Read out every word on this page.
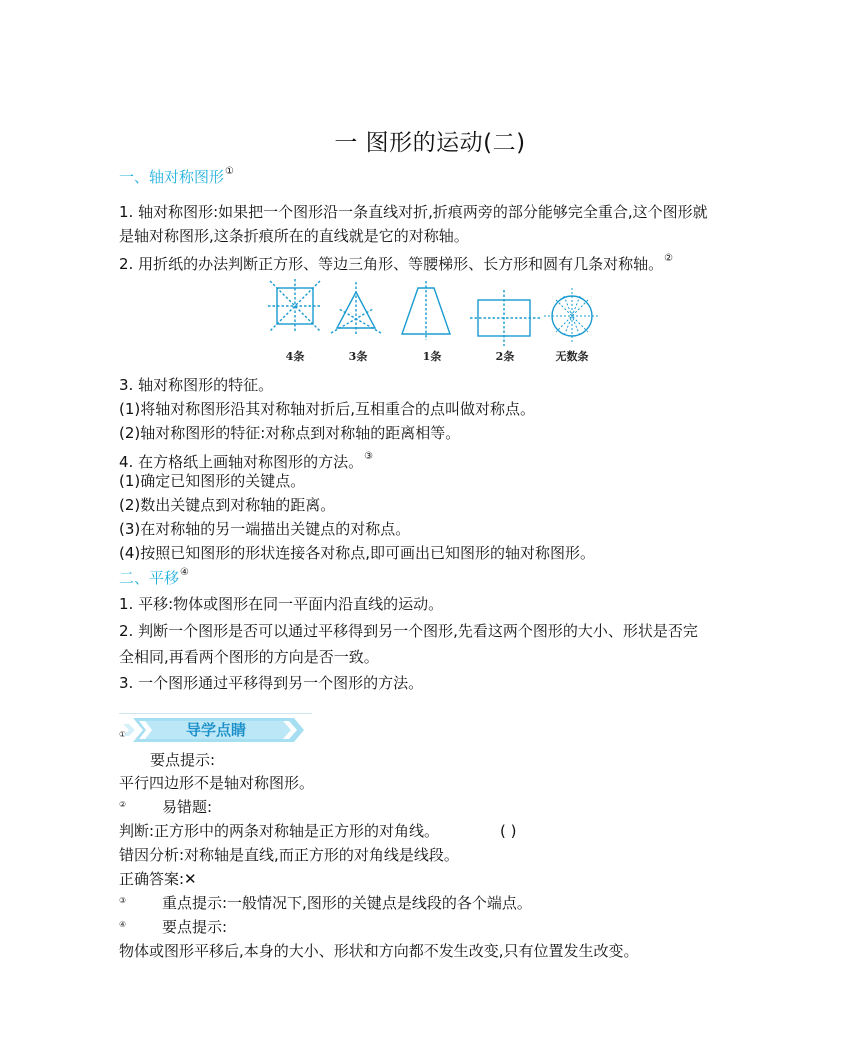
一 图形的运动(二)
一、轴对称图形①
1. 轴对称图形:如果把一个图形沿一条直线对折,折痕两旁的部分能够完全重合,这个图形就
是轴对称图形,这条折痕所在的直线就是它的对称轴。
2. 用折纸的办法判断正方形、等边三角形、等腰梯形、长方形和圆有几条对称轴。②
4条	3条	1条	2条	无数条
3. 轴对称图形的特征。
(1)将轴对称图形沿其对称轴对折后,互相重合的点叫做对称点。
(2)轴对称图形的特征:对称点到对称轴的距离相等。
4. 在方格纸上画轴对称图形的方法。③
(1)确定已知图形的关键点。
(2)数出关键点到对称轴的距离。
(3)在对称轴的另一端描出关键点的对称点。
(4)按照已知图形的形状连接各对称点,即可画出已知图形的轴对称图形。
二、平移④
1. 平移:物体或图形在同一平面内沿直线的运动。
2. 判断一个图形是否可以通过平移得到另一个图形,先看这两个图形的大小、形状是否完
全相同,再看两个图形的方向是否一致。
3. 一个图形通过平移得到另一个图形的方法。
①	导学点睛
要点提示:
平行四边形不是轴对称图形。
② 易错题:
判断:正方形中的两条对称轴是正方形的对角线。	( )
错因分析:对称轴是直线,而正方形的对角线是线段。
正确答案:✕
③ 重点提示:一般情况下,图形的关键点是线段的各个端点。
④ 要点提示:
物体或图形平移后,本身的大小、形状和方向都不发生改变,只有位置发生改变。
